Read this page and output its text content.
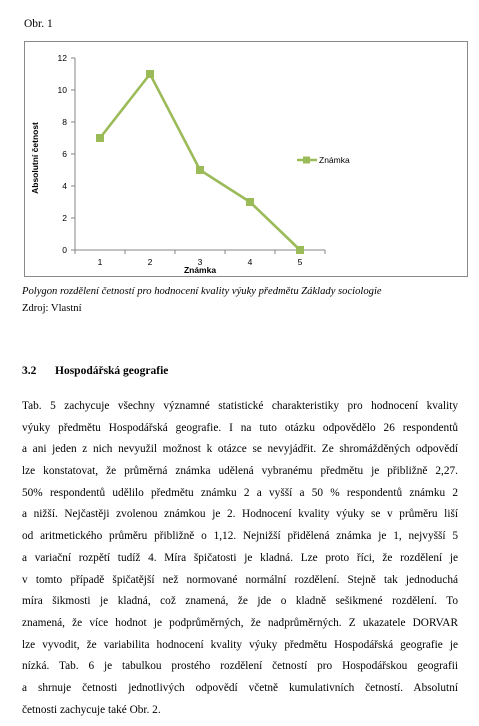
Obr. 1
0
2
4
6
8
10
12
1	2	3	4	5
Známka
Absolutní četnost
Známka
Polygon rozdělení četností pro hodnocení kvality výuky předmětu Základy sociologie
Zdroj: Vlastní
3.2 Hospodářská geografie
Tab. 5 zachycuje všechny významné statistické charakteristiky pro hodnocení kvality
výuky předmětu Hospodářská geografie. I na tuto otázku odpovědělo 26 respondentů
a ani jeden z nich nevyužil možnost k otázce se nevyjádřit. Ze shromážděných odpovědí
lze konstatovat, že průměrná známka udělená vybranému předmětu je přibližně 2,27.
50% respondentů udělilo předmětu známku 2 a vyšší a 50 % respondentů známku 2
a nižší. Nejčastěji zvolenou známkou je 2. Hodnocení kvality výuky se v průměru liší
od aritmetického průměru přibližně o 1,12. Nejnižší přidělená známka je 1, nejvyšší 5
a variační rozpětí tudíž 4. Míra špičatosti je kladná. Lze proto říci, že rozdělení je
v tomto případě špičatější než normované normální rozdělení. Stejně tak jednoduchá
míra šikmosti je kladná, což znamená, že jde o kladně sešikmené rozdělení. To
znamená, že více hodnot je podprůměrných, že nadprůměrných. Z ukazatele DORVAR
lze vyvodit, že variabilita hodnocení kvality výuky předmětu Hospodářská geografie je
nízká. Tab. 6 je tabulkou prostého rozdělení četností pro Hospodářskou geografii
a shrnuje četnosti jednotlivých odpovědí včetně kumulativních četností. Absolutní
četnosti zachycuje také Obr. 2.
